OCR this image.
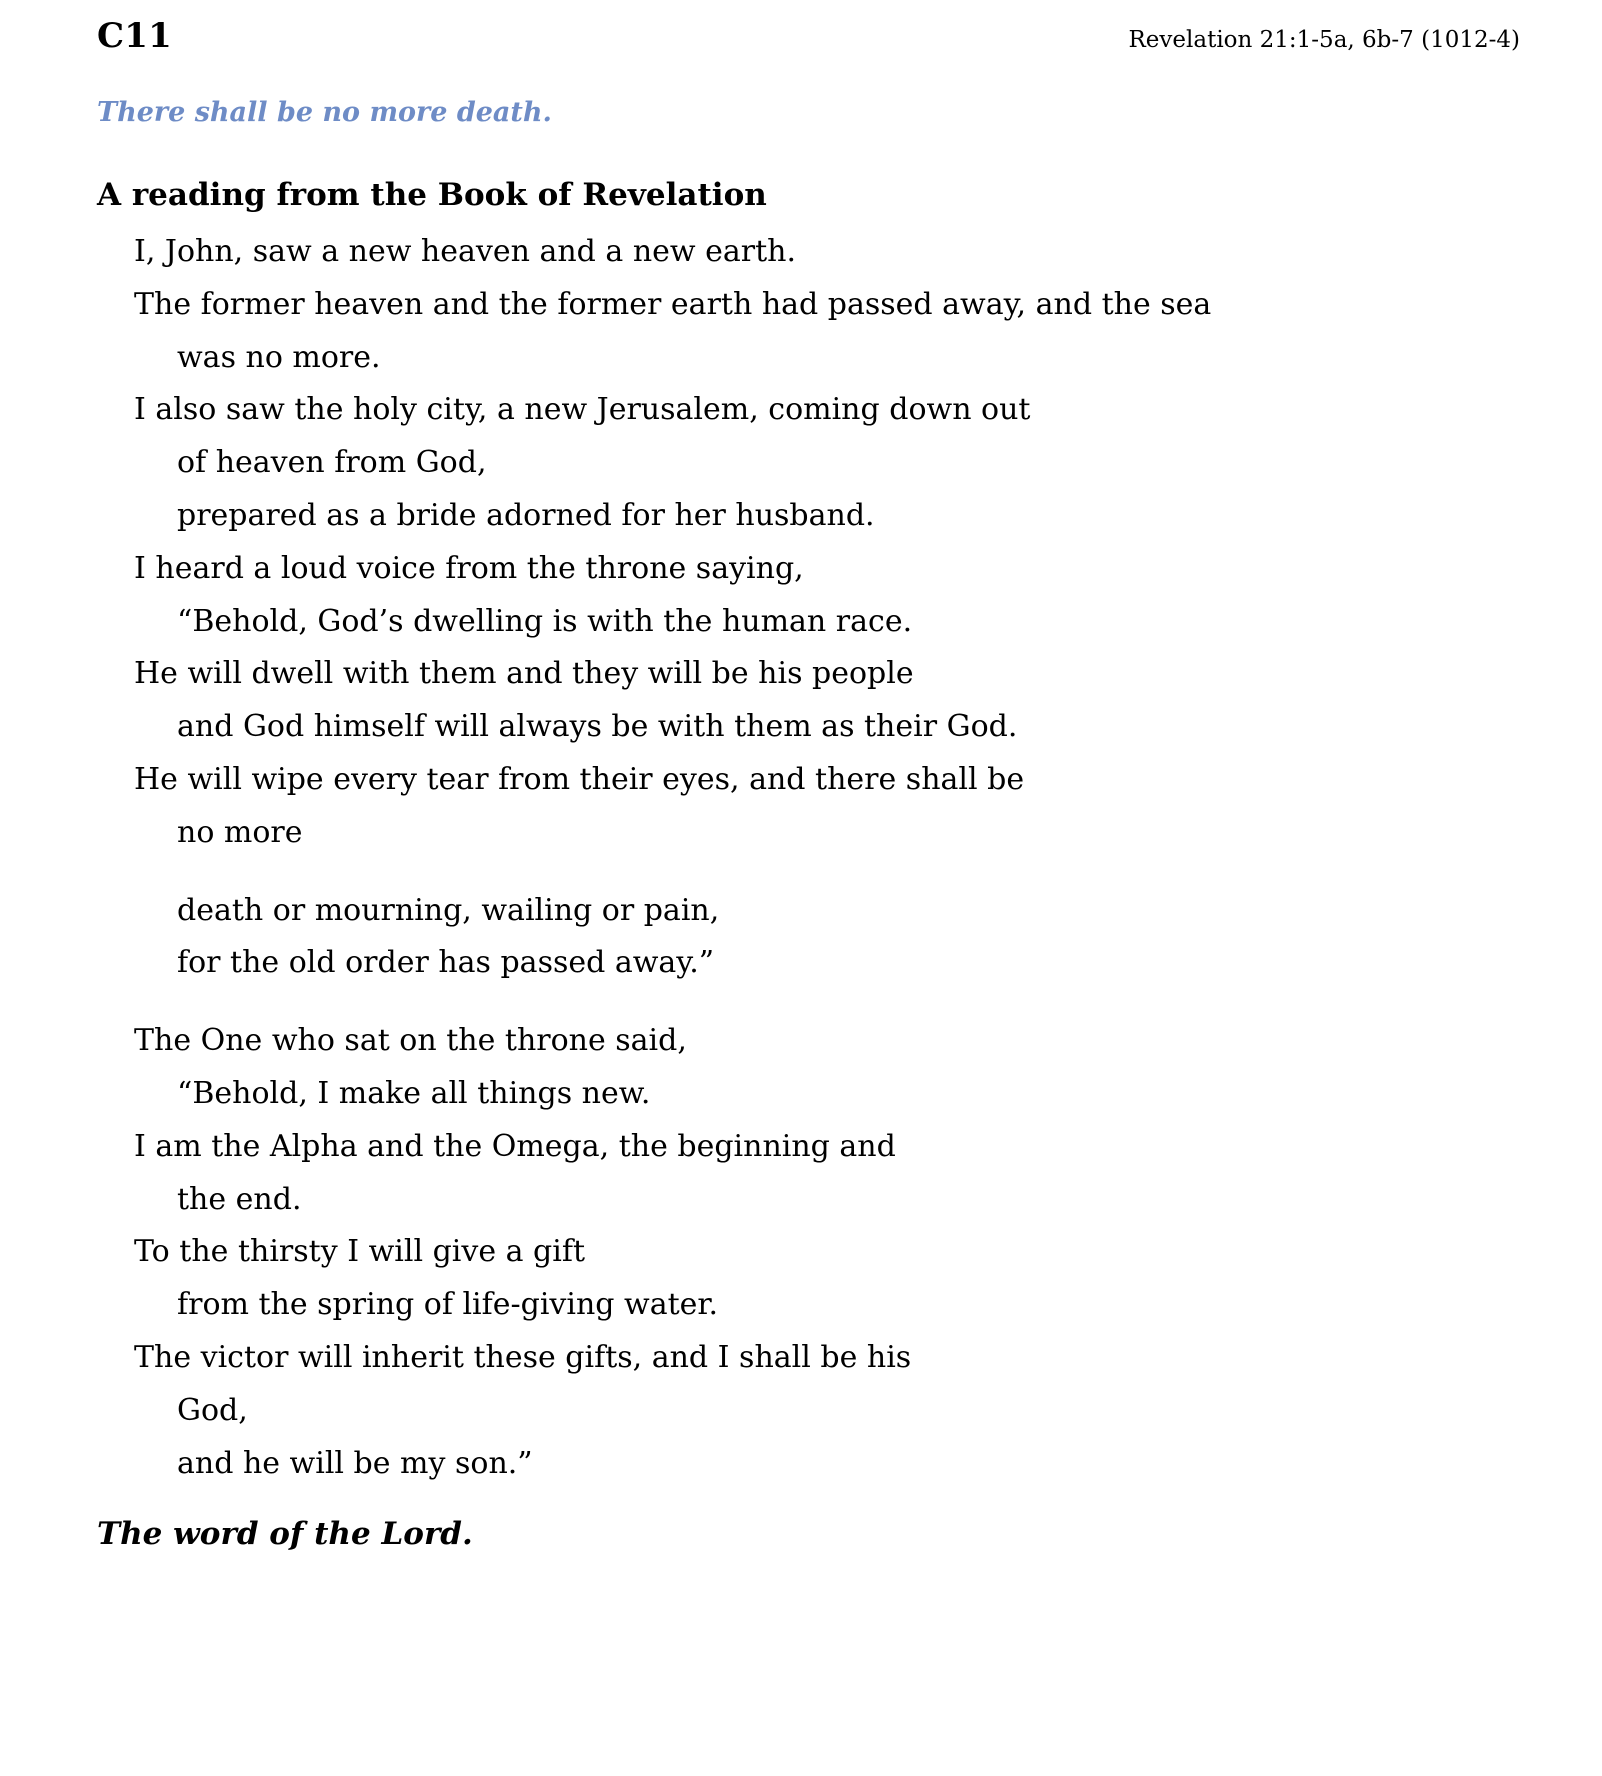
C11	Revelation 21:1-5a, 6b-7 (1012-4)
There shall be no more death.
A reading from the Book of Revelation
I, John, saw a new heaven and a new earth.
The former heaven and the former earth had passed away, and the sea
was no more.
I also saw the holy city, a new Jerusalem, coming down out
of heaven from God,
prepared as a bride adorned for her husband.
I heard a loud voice from the throne saying,
“Behold, God’s dwelling is with the human race.
He will dwell with them and they will be his people
and God himself will always be with them as their God.
He will wipe every tear from their eyes, and there shall be
no more
death or mourning, wailing or pain,
for the old order has passed away.”
The One who sat on the throne said,
“Behold, I make all things new.
I am the Alpha and the Omega, the beginning and
the end.
To the thirsty I will give a gift
from the spring of life-giving water.
The victor will inherit these gifts, and I shall be his
God,
and he will be my son.”
The word of the Lord.
